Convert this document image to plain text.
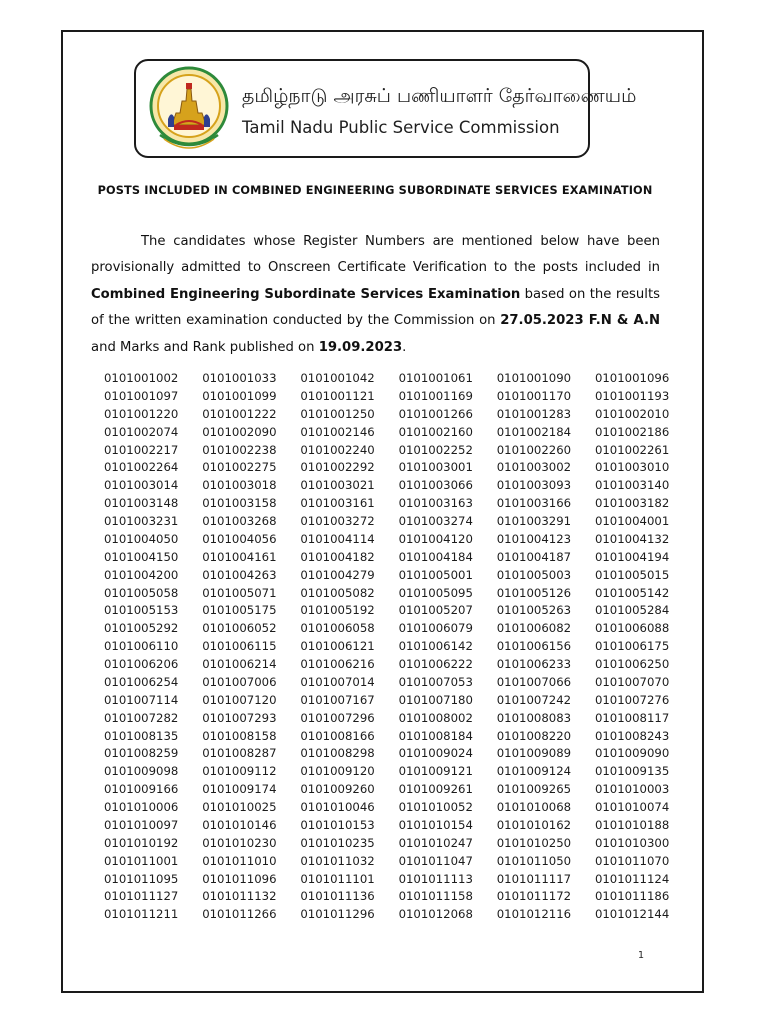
தமிழ்நாடு அரசுப் பணியாளர் தேர்வாணையம்
Tamil Nadu Public Service Commission
POSTS INCLUDED IN COMBINED ENGINEERING SUBORDINATE SERVICES EXAMINATION

The candidates whose Register Numbers are mentioned below have been provisionally admitted to Onscreen Certificate Verification to the posts included in Combined Engineering Subordinate Services Examination based on the results of the written examination conducted by the Commission on 27.05.2023 F.N & A.N and Marks and Rank published on 19.09.2023.

0101001002	0101001033	0101001042	0101001061	0101001090	0101001096
0101001097	0101001099	0101001121	0101001169	0101001170	0101001193
0101001220	0101001222	0101001250	0101001266	0101001283	0101002010
0101002074	0101002090	0101002146	0101002160	0101002184	0101002186
0101002217	0101002238	0101002240	0101002252	0101002260	0101002261
0101002264	0101002275	0101002292	0101003001	0101003002	0101003010
0101003014	0101003018	0101003021	0101003066	0101003093	0101003140
0101003148	0101003158	0101003161	0101003163	0101003166	0101003182
0101003231	0101003268	0101003272	0101003274	0101003291	0101004001
0101004050	0101004056	0101004114	0101004120	0101004123	0101004132
0101004150	0101004161	0101004182	0101004184	0101004187	0101004194
0101004200	0101004263	0101004279	0101005001	0101005003	0101005015
0101005058	0101005071	0101005082	0101005095	0101005126	0101005142
0101005153	0101005175	0101005192	0101005207	0101005263	0101005284
0101005292	0101006052	0101006058	0101006079	0101006082	0101006088
0101006110	0101006115	0101006121	0101006142	0101006156	0101006175
0101006206	0101006214	0101006216	0101006222	0101006233	0101006250
0101006254	0101007006	0101007014	0101007053	0101007066	0101007070
0101007114	0101007120	0101007167	0101007180	0101007242	0101007276
0101007282	0101007293	0101007296	0101008002	0101008083	0101008117
0101008135	0101008158	0101008166	0101008184	0101008220	0101008243
0101008259	0101008287	0101008298	0101009024	0101009089	0101009090
0101009098	0101009112	0101009120	0101009121	0101009124	0101009135
0101009166	0101009174	0101009260	0101009261	0101009265	0101010003
0101010006	0101010025	0101010046	0101010052	0101010068	0101010074
0101010097	0101010146	0101010153	0101010154	0101010162	0101010188
0101010192	0101010230	0101010235	0101010247	0101010250	0101010300
0101011001	0101011010	0101011032	0101011047	0101011050	0101011070
0101011095	0101011096	0101011101	0101011113	0101011117	0101011124
0101011127	0101011132	0101011136	0101011158	0101011172	0101011186
0101011211	0101011266	0101011296	0101012068	0101012116	0101012144
1
